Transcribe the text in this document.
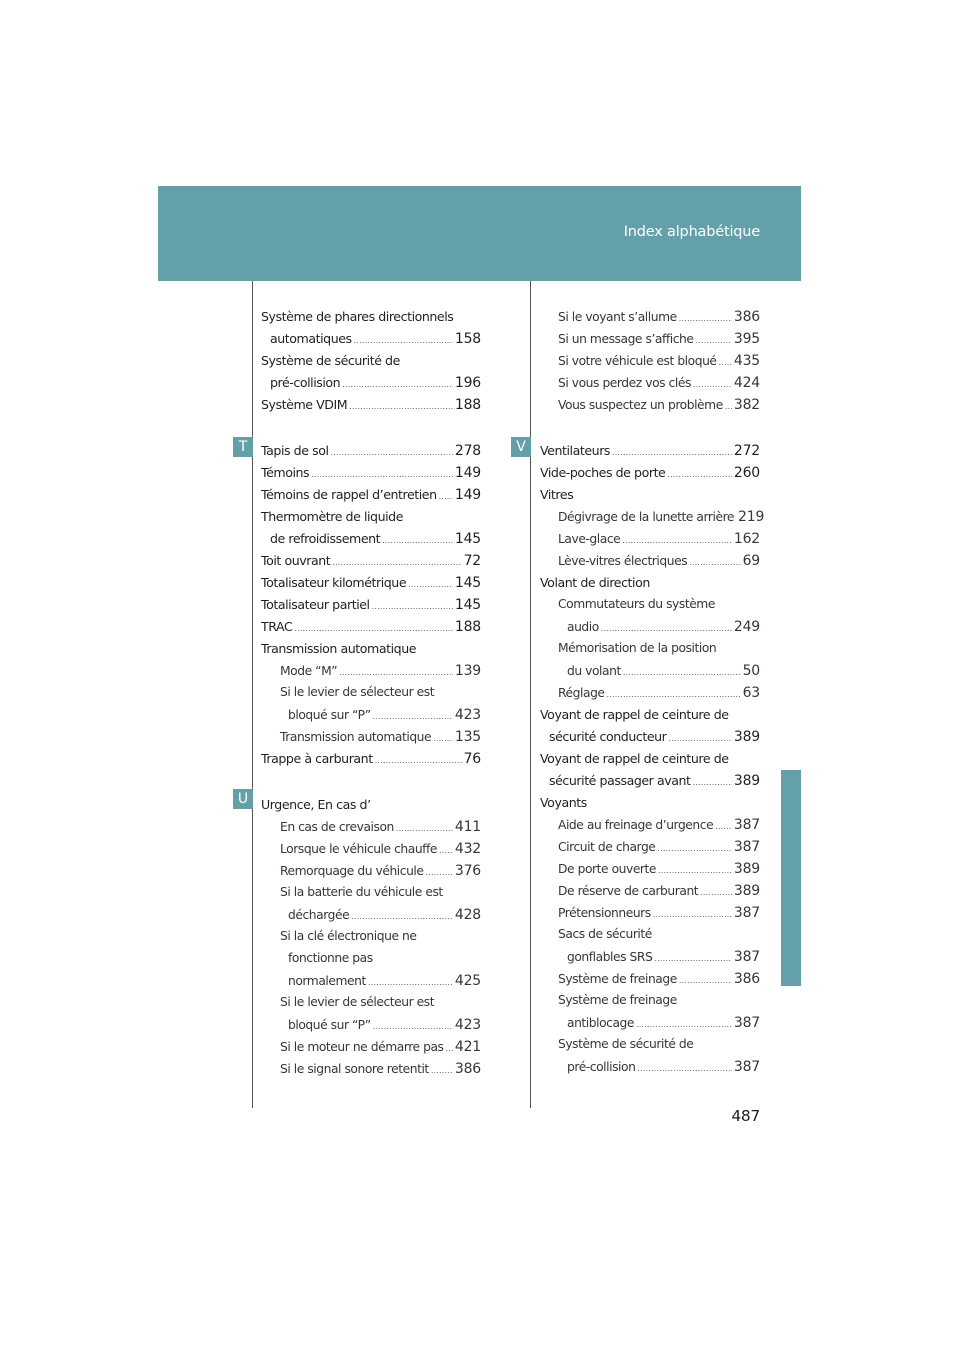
Index alphabétique
T
U
V
Système de phares directionnels
automatiques .....	158
Système de sécurité de
pré-collision .....	196
Système VDIM .....	188
Tapis de sol .....	278
Témoins .....	149
Témoins de rappel d’entretien ..... 149
Thermomètre de liquide
de refroidissement .....	145
Toit ouvrant .....	72
Totalisateur kilométrique .....	145
Totalisateur partiel .....	145
TRAC .....	188
Transmission automatique
Mode “M” .....	139
Si le levier de sélecteur est
bloqué sur “P” .....	423
Transmission automatique ..... 135
Trappe à carburant .....	76
Urgence, En cas d’
En cas de crevaison .....	411
Lorsque le véhicule chauffe ..... 432
Remorquage du véhicule ..... 376
Si la batterie du véhicule est
déchargée .....	428
Si la clé électronique ne
fonctionne pas
normalement .....	425
Si le levier de sélecteur est
bloqué sur “P” .....	423
Si le moteur ne démarre pas ..... 421
Si le signal sonore retentit ..... 386
Si le voyant s’allume .....	386
Si un message s’affiche .....	395
Si votre véhicule est bloqué ..... 435
Si vous perdez vos clés .....	424
Vous suspectez un problème ..... 382
Ventilateurs .....	272
Vide-poches de porte .....	260
Vitres
Dégivrage de la lunette arrière 219
Lave-glace .....	162
Lève-vitres électriques .....	69
Volant de direction
Commutateurs du système
audio .....	249
Mémorisation de la position
du volant .....	50
Réglage .....	63
Voyant de rappel de ceinture de
sécurité conducteur .....	389
Voyant de rappel de ceinture de
sécurité passager avant .....	389
Voyants
Aide au freinage d’urgence ..... 387
Circuit de charge .....	387
De porte ouverte .....	389
De réserve de carburant .....	389
Prétensionneurs .....	387
Sacs de sécurité
gonflables SRS .....	387
Système de freinage .....	386
Système de freinage
antiblocage .....	387
Système de sécurité de
pré-collision .....	387
487
